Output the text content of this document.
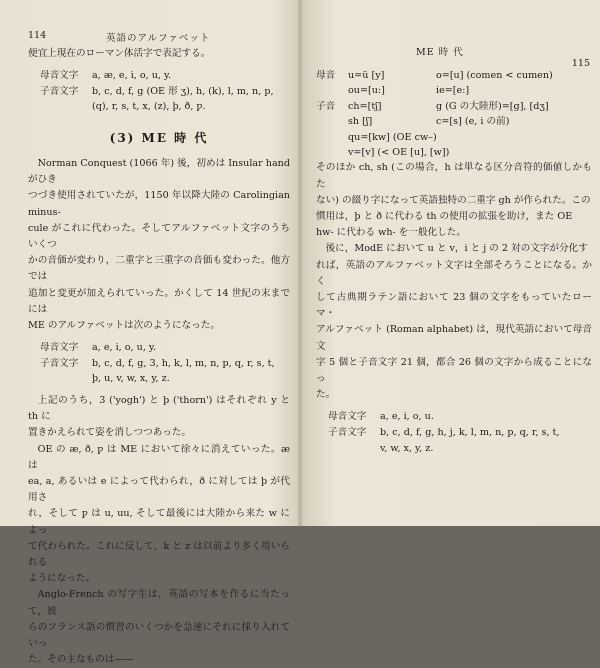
114	英語のアルファベット

便宜上現在のローマン体活字で表記する。

母音文字	a, æ, e, i, o, u, y.
子音文字	b, c, d, f, g (OE 形 ʒ), h, (k), l, m, n, p,
(q), r, s, t, x, (z), þ, ð, ƿ.
(3) ME 時 代

Norman Conquest (1066 年) 後，初めは Insular hand がひき

つづき使用されていたが，1150 年以降大陸の Carolingian minus-

cule がこれに代わった。そしてアルファベット文字のうちいくつ

かの音価が変わり，二重字と三重字の音価も変わった。他方では

追加と変更が加えられていった。かくして 14 世紀の末までには

ME のアルファベットは次のようになった。

母音文字	a, e, i, o, u, y.
子音文字	b, c, d, f, g, 3, h, k, l, m, n, p, q, r, s, t,
þ, u, v, w, x, y, z.

上記のうち，3 ('yogh') と þ ('thorn') はそれぞれ y と th に

置きかえられて姿を消しつつあった。

OE の æ, ð, ƿ は ME において徐々に消えていった。æ は

ea, a, あるいは e によって代わられ，ð に対しては þ が代用さ

れ，そして ƿ は u, uu, そして最後には大陸から来た w によっ

て代わられた。これに反して，k と z は以前より多く用いられる

ようになった。

Anglo-French の写字生は，英語の写本を作るに当たって，彼

らのフランス語の慣習のいくつかを急速にそれに採り入れていっ

た。その主なものは——

ME 時 代
115
母音	u=ü [y]	o=[u] (comen < cumen)
ou=[u:]	ie=[e:]
子音	ch=[tʃ]	g (G の大陸形)=[g], [dʒ]
sh [ʃ]	c=[s] (e, i の前)
qu=[kw] (OE cw–)
v=[v] (< OE [u], [w])

そのほか ch, sh (この場合，h は単なる区分音符的価値しかもた

ない) の綴り字になって英語独特の二重字 gh が作られた。この

慣用は，þ と ð に代わる th の使用の拡張を助け，また OE

hw- に代わる wh- を一般化した。

後に，ModE において u と v，i と j の 2 対の文字が分化す

れば，英語のアルファベット文字は全部そろうことになる。かく

して古典期ラテン語において 23 個の文字をもっていたローマ・

アルファベット (Roman alphabet) は，現代英語において母音文

字 5 個と子音文字 21 個，都合 26 個の文字から成ることになっ

た。

母音文字	a, e, i, o, u.
子音文字	b, c, d, f, g, h, j, k, l, m, n, p, q, r, s, t,
v, w, x, y, z.
